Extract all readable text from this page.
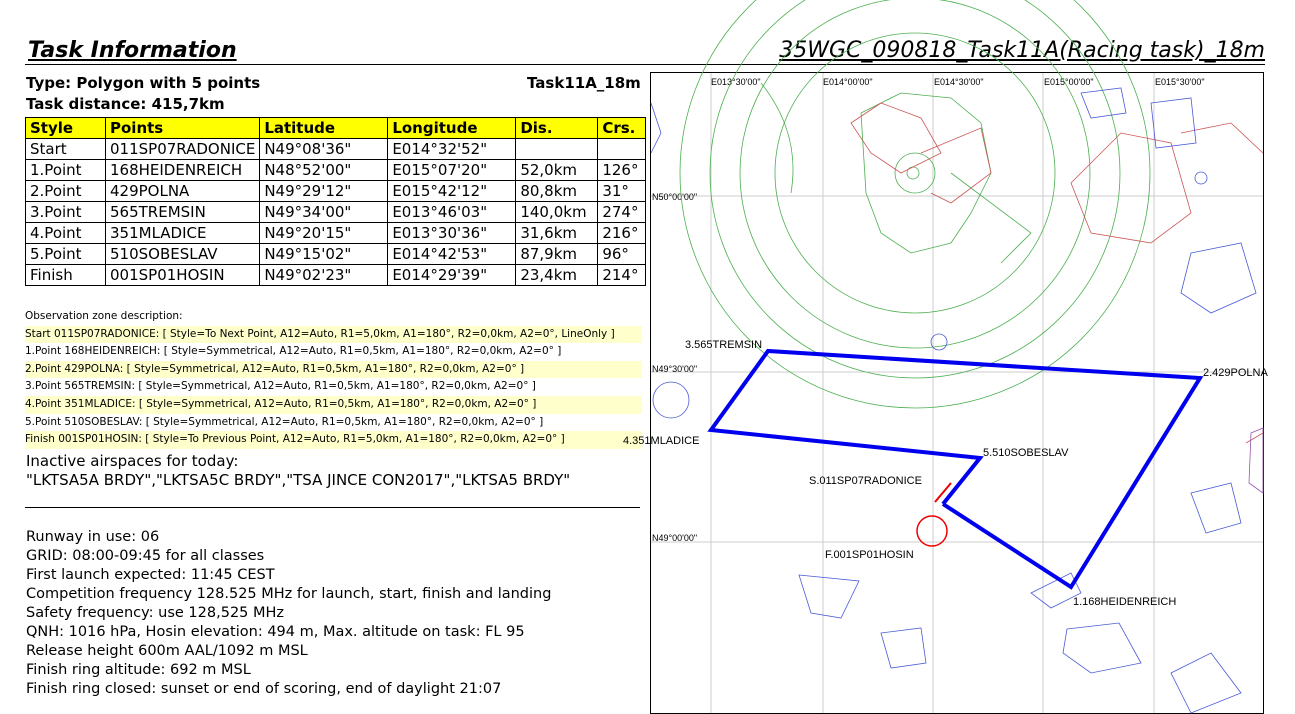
Task Information	35WGC_090818_Task11A(Racing task)_18m
Type: Polygon with 5 points
Task distance: 415,7km
Task11A_18m
Style	Points	Latitude	Longitude	Dis.	Crs.
Start	011SP07RADONICE	N49°08'36"	E014°32'52"		
1.Point	168HEIDENREICH	N48°52'00"	E015°07'20"	52,0km	126°
2.Point	429POLNA	N49°29'12"	E015°42'12"	80,8km	31°
3.Point	565TREMSIN	N49°34'00"	E013°46'03"	140,0km	274°
4.Point	351MLADICE	N49°20'15"	E013°30'36"	31,6km	216°
5.Point	510SOBESLAV	N49°15'02"	E014°42'53"	87,9km	96°
Finish	001SP01HOSIN	N49°02'23"	E014°29'39"	23,4km	214°
Observation zone description:
Start 011SP07RADONICE: [ Style=To Next Point, A12=Auto, R1=5,0km, A1=180°, R2=0,0km, A2=0°, LineOnly ]
1.Point 168HEIDENREICH: [ Style=Symmetrical, A12=Auto, R1=0,5km, A1=180°, R2=0,0km, A2=0° ]
2.Point 429POLNA: [ Style=Symmetrical, A12=Auto, R1=0,5km, A1=180°, R2=0,0km, A2=0° ]
3.Point 565TREMSIN: [ Style=Symmetrical, A12=Auto, R1=0,5km, A1=180°, R2=0,0km, A2=0° ]
4.Point 351MLADICE: [ Style=Symmetrical, A12=Auto, R1=0,5km, A1=180°, R2=0,0km, A2=0° ]
5.Point 510SOBESLAV: [ Style=Symmetrical, A12=Auto, R1=0,5km, A1=180°, R2=0,0km, A2=0° ]
Finish 001SP01HOSIN: [ Style=To Previous Point, A12=Auto, R1=5,0km, A1=180°, R2=0,0km, A2=0° ]
Inactive airspaces for today:
"LKTSA5A BRDY","LKTSA5C BRDY","TSA JINCE CON2017","LKTSA5 BRDY"
Runway in use: 06
GRID: 08:00-09:45 for all classes
First launch expected: 11:45 CEST
Competition frequency 128.525 MHz for launch, start, finish and landing
Safety frequency: use 128,525 MHz
QNH: 1016 hPa, Hosin elevation: 494 m, Max. altitude on task: FL 95
Release height 600m AAL/1092 m MSL
Finish ring altitude: 692 m MSL
Finish ring closed: sunset or end of scoring, end of daylight 21:07
E013°30'00"	E014°00'00"	E014°30'00"	E015°00'00"	E015°30'00"
N50°00'00"
N49°30'00"
N49°00'00"
3.565TREMSIN
2.429POLNA
4.351MLADICE
5.510SOBESLAV
S.011SP07RADONICE
F.001SP01HOSIN
1.168HEIDENREICH
